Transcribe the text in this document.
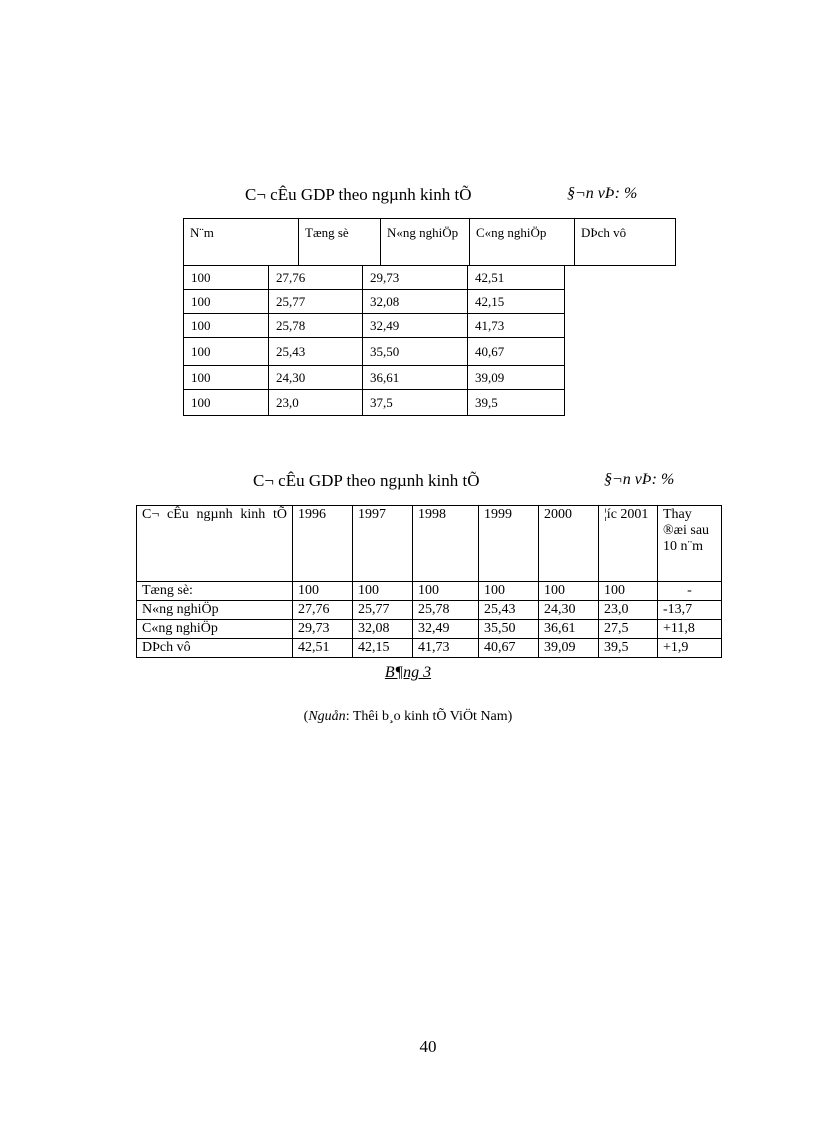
C¬ cÊu GDP theo ngµnh kinh tÕ	§¬n vÞ: %
N¨m	Tæng sè	N«ng nghiÖp	C«ng nghiÖp	DÞch vô
100	27,76	29,73	42,51
100	25,77	32,08	42,15
100	25,78	32,49	41,73
100	25,43	35,50	40,67
100	24,30	36,61	39,09
100	23,0	37,5	39,5
C¬ cÊu GDP theo ngµnh kinh tÕ	§¬n vÞ: %
C¬ cÊu ngµnh kinh tÕ	1996	1997	1998	1999	2000	¦íc 2001	Thay ®æi sau 10 n¨m
Tæng sè:	100	100	100	100	100	100	-
N«ng nghiÖp	27,76	25,77	25,78	25,43	24,30	23,0	-13,7
C«ng nghiÖp	29,73	32,08	32,49	35,50	36,61	27,5	+11,8
DÞch vô	42,51	42,15	41,73	40,67	39,09	39,5	+1,9
B¶ng 3
(Nguån: Thêi b¸o kinh tÕ ViÖt Nam)
40
